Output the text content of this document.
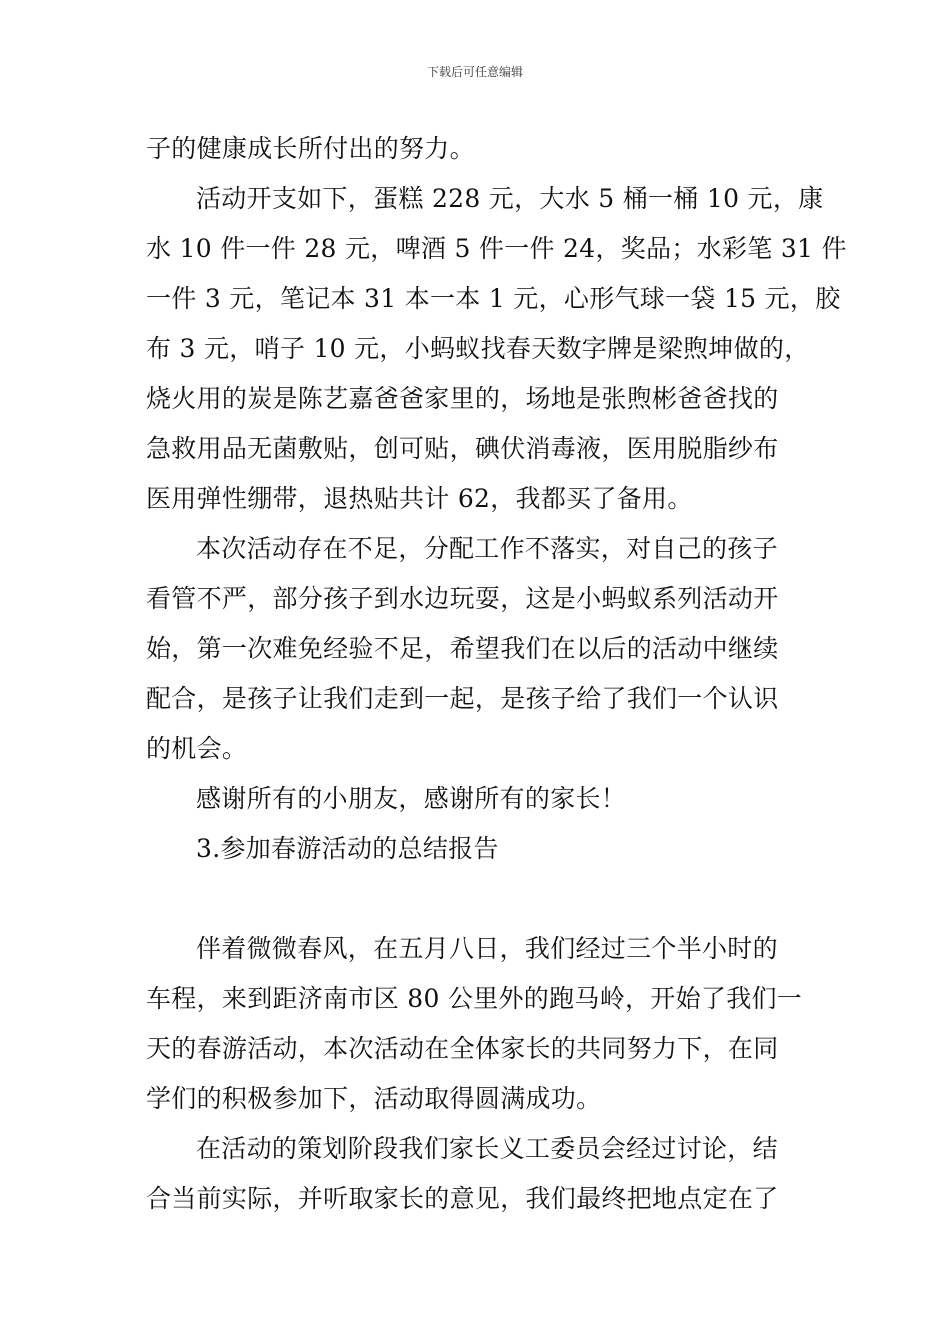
下载后可任意编辑
子的健康成长所付出的努力。
活动开支如下，蛋糕 228 元，大水 5 桶一桶 10 元，康
水 10 件一件 28 元，啤酒 5 件一件 24，奖品；水彩笔 31 件
一件 3 元，笔记本 31 本一本 1 元，心形气球一袋 15 元，胶
布 3 元，哨子 10 元，小蚂蚁找春天数字牌是梁煦坤做的，
烧火用的炭是陈艺嘉爸爸家里的，场地是张煦彬爸爸找的
急救用品无菌敷贴，创可贴，碘伏消毒液，医用脱脂纱布
医用弹性绷带，退热贴共计 62，我都买了备用。
本次活动存在不足，分配工作不落实，对自己的孩子
看管不严，部分孩子到水边玩耍，这是小蚂蚁系列活动开
始，第一次难免经验不足，希望我们在以后的活动中继续
配合，是孩子让我们走到一起，是孩子给了我们一个认识
的机会。
感谢所有的小朋友，感谢所有的家长！
3.参加春游活动的总结报告
伴着微微春风，在五月八日，我们经过三个半小时的
车程，来到距济南市区 80 公里外的跑马岭，开始了我们一
天的春游活动，本次活动在全体家长的共同努力下，在同
学们的积极参加下，活动取得圆满成功。
在活动的策划阶段我们家长义工委员会经过讨论，结
合当前实际，并听取家长的意见，我们最终把地点定在了
